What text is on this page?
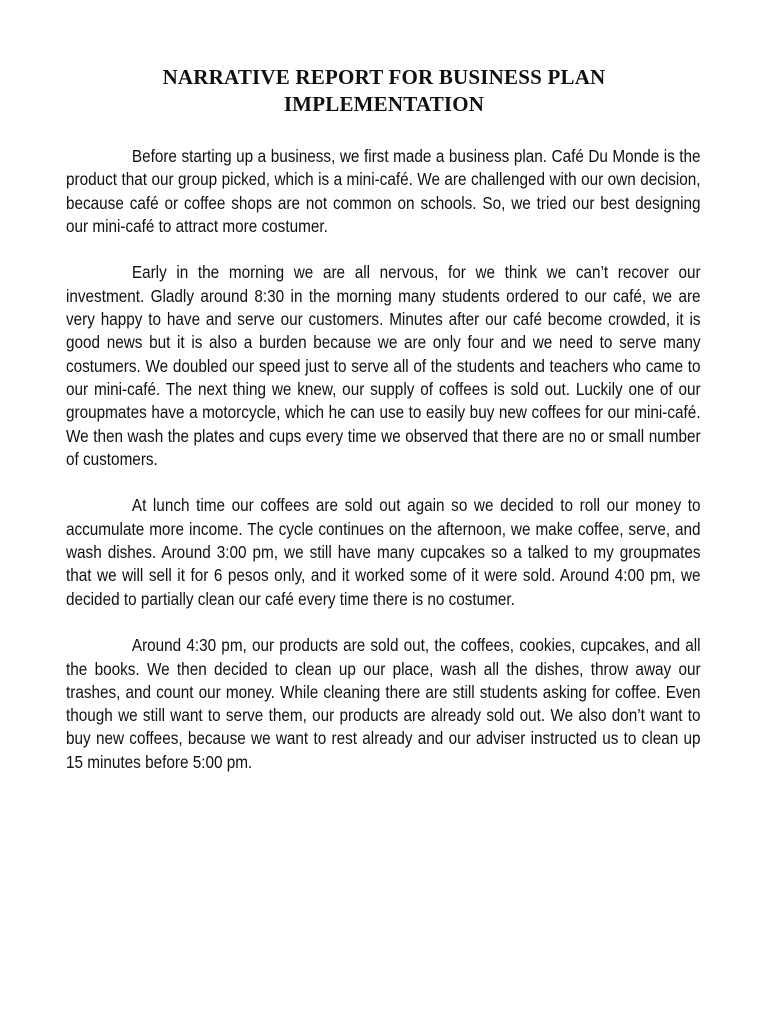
NARRATIVE REPORT FOR BUSINESS PLAN
IMPLEMENTATION

Before starting up a business, we first made a business plan. Café Du Monde is the product that our group picked, which is a mini-café. We are challenged with our own decision, because café or coffee shops are not common on schools. So, we tried our best designing our mini-café to attract more costumer.

Early in the morning we are all nervous, for we think we can’t recover our investment. Gladly around 8:30 in the morning many students ordered to our café, we are very happy to have and serve our customers. Minutes after our café become crowded, it is good news but it is also a burden because we are only four and we need to serve many costumers. We doubled our speed just to serve all of the students and teachers who came to our mini-café. The next thing we knew, our supply of coffees is sold out. Luckily one of our groupmates have a motorcycle, which he can use to easily buy new coffees for our mini-café. We then wash the plates and cups every time we observed that there are no or small number of customers.

At lunch time our coffees are sold out again so we decided to roll our money to accumulate more income. The cycle continues on the afternoon, we make coffee, serve, and wash dishes. Around 3:00 pm, we still have many cupcakes so a talked to my groupmates that we will sell it for 6 pesos only, and it worked some of it were sold. Around 4:00 pm, we decided to partially clean our café every time there is no costumer.

Around 4:30 pm, our products are sold out, the coffees, cookies, cupcakes, and all the books. We then decided to clean up our place, wash all the dishes, throw away our trashes, and count our money. While cleaning there are still students asking for coffee. Even though we still want to serve them, our products are already sold out. We also don’t want to buy new coffees, because we want to rest already and our adviser instructed us to clean up 15 minutes before 5:00 pm.
